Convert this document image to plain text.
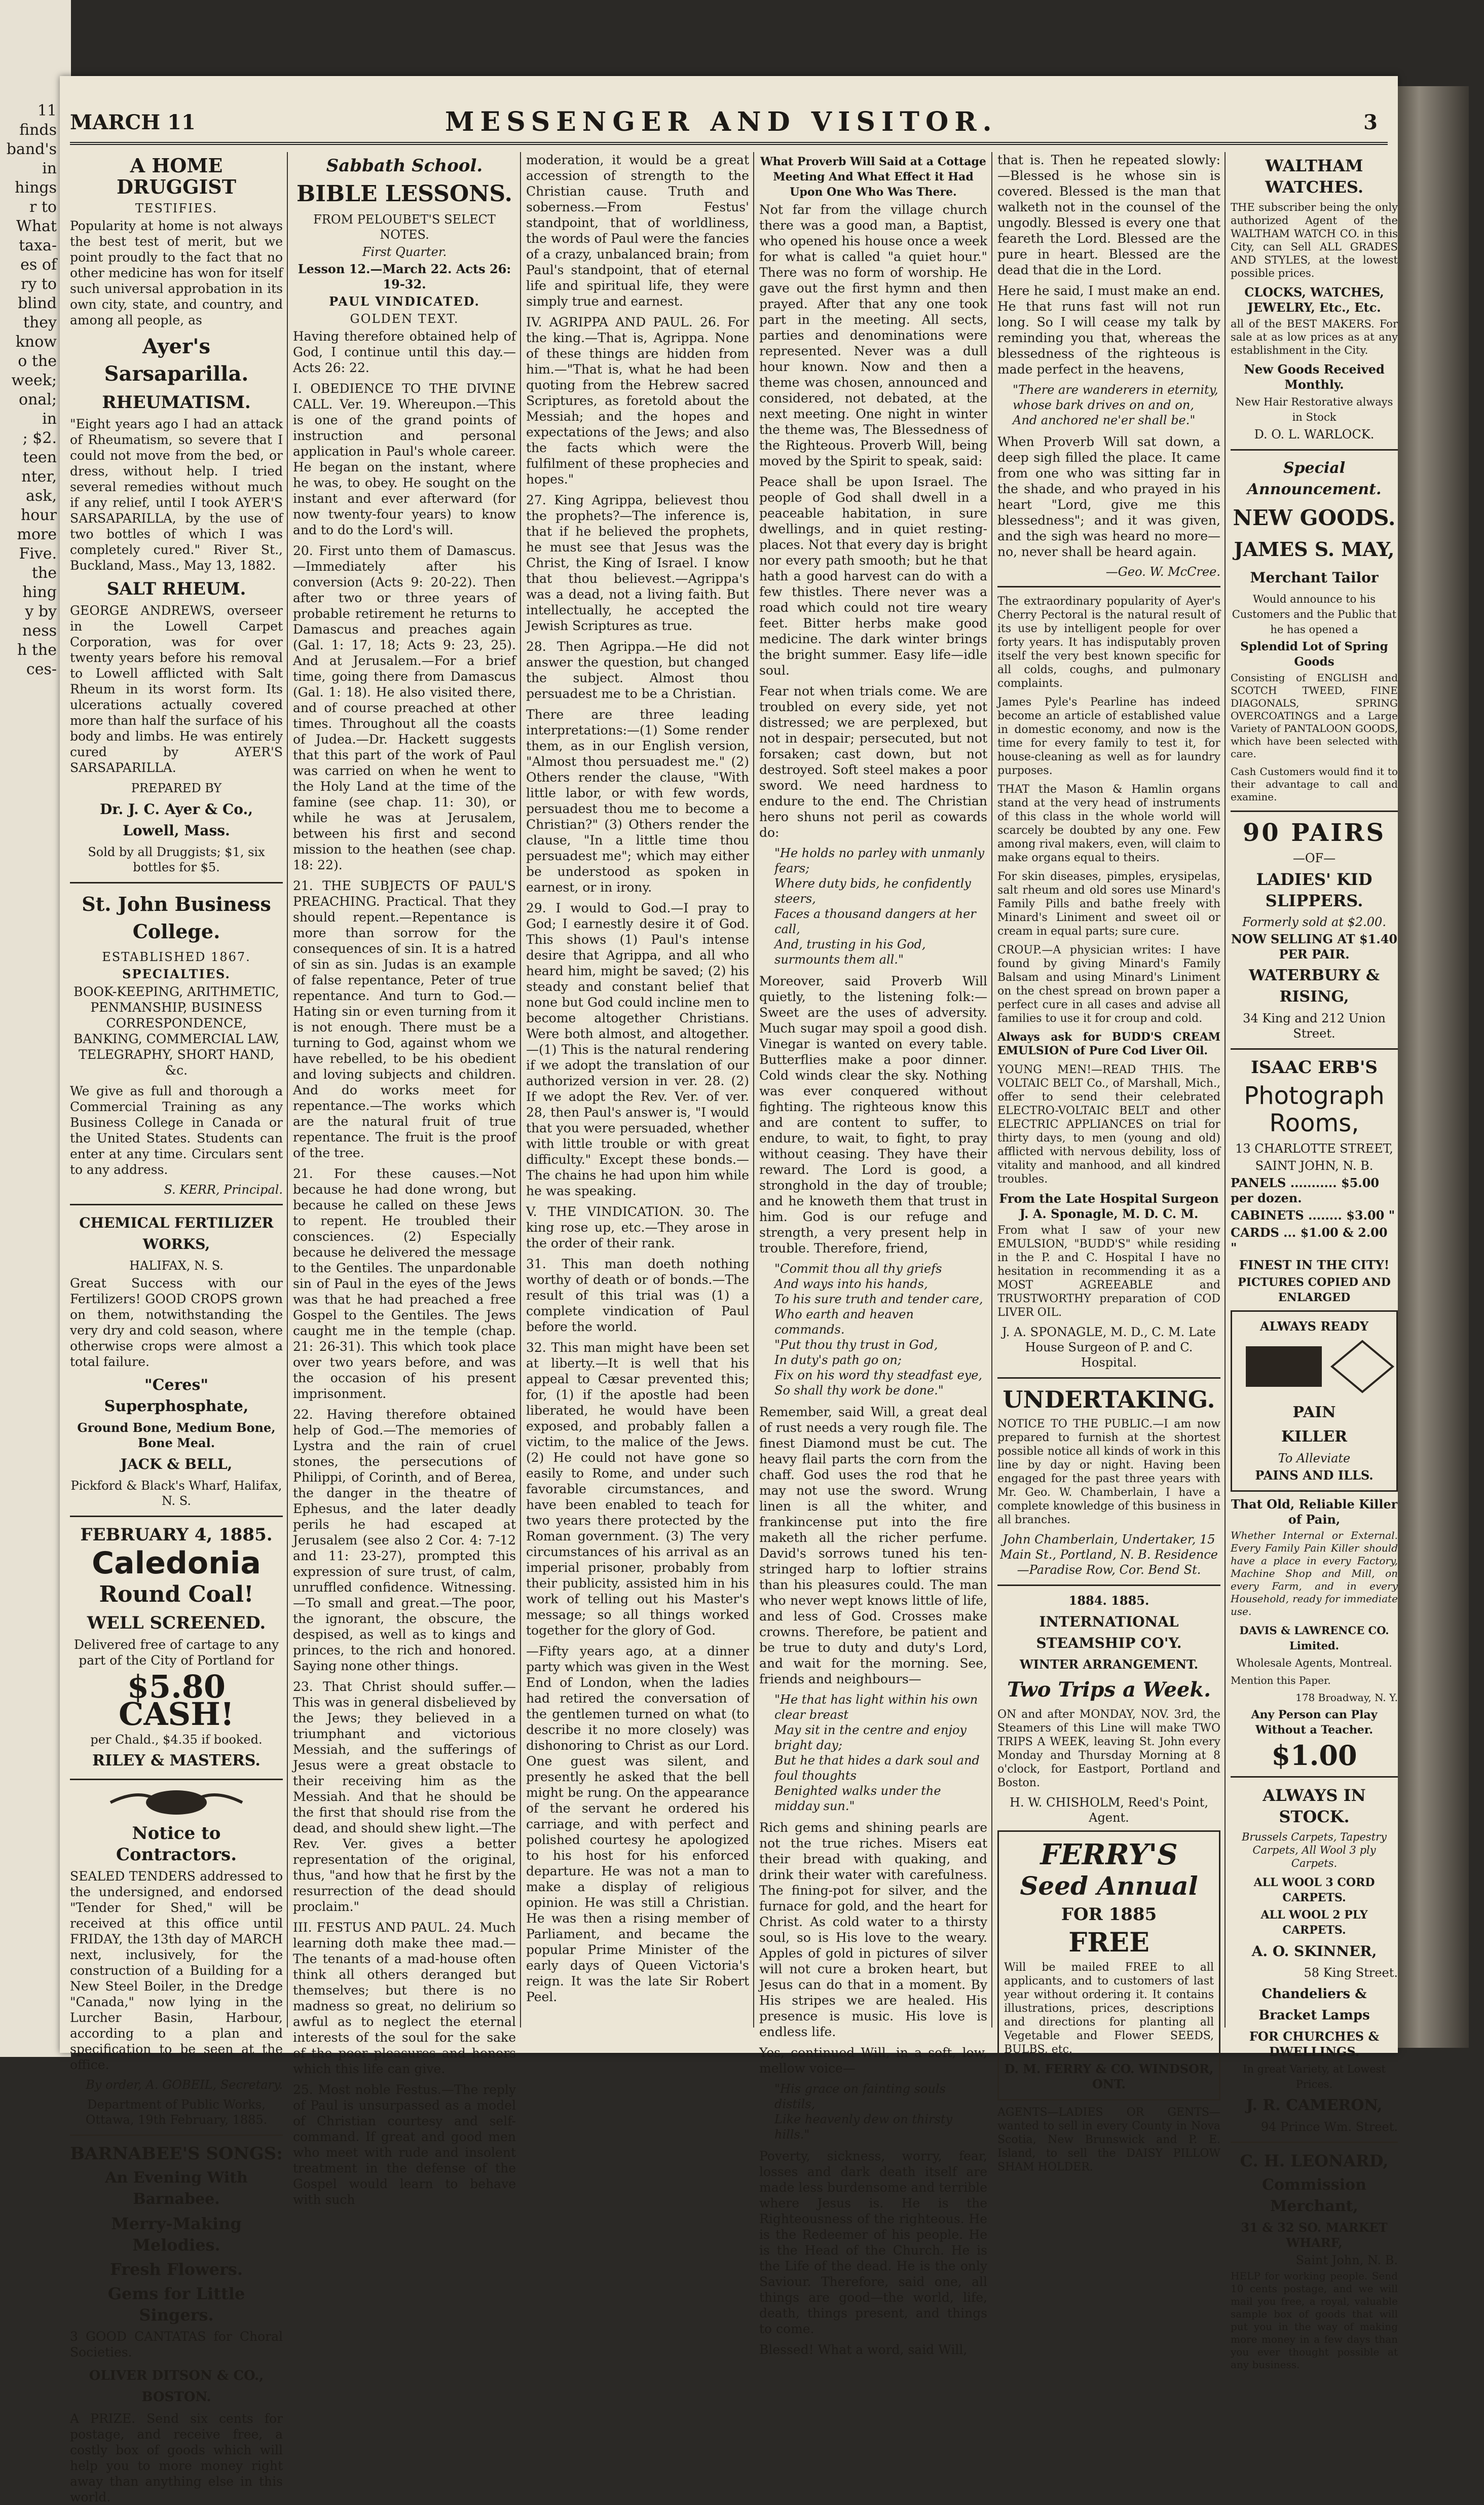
11
finds
band's
in
hings
r to
What
taxa-
es of
ry to
blind
they
know
o the
week;
onal;
in
; $2.
teen
nter,
ask,
hour
more
Five.
the
hing
y by
ness
h the
ces-
MARCH 11	MESSENGER AND VISITOR.	3
A HOME DRUGGIST
TESTIFIES.

Popularity at home is not always the best test of merit, but we point proudly to the fact that no other medicine has won for itself such universal approbation in its own city, state, and country, and among all people, as

Ayer's Sarsaparilla.
RHEUMATISM.

"Eight years ago I had an attack of Rheumatism, so severe that I could not move from the bed, or dress, without help. I tried several remedies without much if any relief, until I took AYER'S SARSAPARILLA, by the use of two bottles of which I was completely cured." River St., Buckland, Mass., May 13, 1882.

SALT RHEUM.

GEORGE ANDREWS, overseer in the Lowell Carpet Corporation, was for over twenty years before his removal to Lowell afflicted with Salt Rheum in its worst form. Its ulcerations actually covered more than half the surface of his body and limbs. He was entirely cured by AYER'S SARSAPARILLA.

PREPARED BY
Dr. J. C. Ayer & Co., Lowell, Mass.
Sold by all Druggists; $1, six bottles for $5.
St. John Business College.
ESTABLISHED 1867.
SPECIALTIES.

BOOK-KEEPING, ARITHMETIC, PENMANSHIP, BUSINESS CORRESPONDENCE, BANKING, COMMERCIAL LAW, TELEGRAPHY, SHORT HAND, &c.

We give as full and thorough a Commercial Training as any Business College in Canada or the United States. Students can enter at any time. Circulars sent to any address.

S. KERR, Principal.
CHEMICAL FERTILIZER WORKS,
HALIFAX, N. S.

Great Success with our Fertilizers! GOOD CROPS grown on them, notwithstanding the very dry and cold season, where otherwise crops were almost a total failure.

"Ceres" Superphosphate,
Ground Bone, Medium Bone, Bone Meal.
JACK & BELL,
Pickford & Black's Wharf, Halifax, N. S.
FEBRUARY 4, 1885.
Caledonia
Round Coal!
WELL SCREENED.

Delivered free of cartage to any part of the City of Portland for

$5.80 CASH!
per Chald., $4.35 if booked.
RILEY & MASTERS.
Notice to Contractors.

SEALED TENDERS addressed to the undersigned, and endorsed "Tender for Shed," will be received at this office until FRIDAY, the 13th day of MARCH next, inclusively, for the construction of a Building for a New Steel Boiler, in the Dredge "Canada," now lying in the Lurcher Basin, Harbour, according to a plan and specification to be seen at the office.

By order, A. GOBEIL, Secretary.
Department of Public Works, Ottawa, 19th February, 1885.
BARNABEE'S SONGS:
An Evening With Barnabee.
Merry-Making Melodies.
Fresh Flowers.
Gems for Little Singers.

3 GOOD CANTATAS for Choral Societies.

OLIVER DITSON & CO., BOSTON.

A PRIZE. Send six cents for postage, and receive free, a costly box of goods which will help you to more money right away than anything else in this world.

Sabbath School.
BIBLE LESSONS.
FROM PELOUBET'S SELECT NOTES.
First Quarter.
Lesson 12.—March 22. Acts 26: 19-32.
PAUL VINDICATED.
GOLDEN TEXT.

Having therefore obtained help of God, I continue until this day.—Acts 26: 22.

I. OBEDIENCE TO THE DIVINE CALL. Ver. 19. Whereupon.—This is one of the grand points of instruction and personal application in Paul's whole career. He began on the instant, where he was, to obey. He sought on the instant and ever afterward (for now twenty-four years) to know and to do the Lord's will.

20. First unto them of Damascus.—Immediately after his conversion (Acts 9: 20-22). Then after two or three years of probable retirement he returns to Damascus and preaches again (Gal. 1: 17, 18; Acts 9: 23, 25). And at Jerusalem.—For a brief time, going there from Damascus (Gal. 1: 18). He also visited there, and of course preached at other times. Throughout all the coasts of Judea.—Dr. Hackett suggests that this part of the work of Paul was carried on when he went to the Holy Land at the time of the famine (see chap. 11: 30), or while he was at Jerusalem, between his first and second mission to the heathen (see chap. 18: 22).

21. THE SUBJECTS OF PAUL'S PREACHING. Practical. That they should repent.—Repentance is more than sorrow for the consequences of sin. It is a hatred of sin as sin. Judas is an example of false repentance, Peter of true repentance. And turn to God.—Hating sin or even turning from it is not enough. There must be a turning to God, against whom we have rebelled, to be his obedient and loving subjects and children. And do works meet for repentance.—The works which are the natural fruit of true repentance. The fruit is the proof of the tree.

21. For these causes.—Not because he had done wrong, but because he called on these Jews to repent. He troubled their consciences. (2) Especially because he delivered the message to the Gentiles. The unpardonable sin of Paul in the eyes of the Jews was that he had preached a free Gospel to the Gentiles. The Jews caught me in the temple (chap. 21: 26-31). This which took place over two years before, and was the occasion of his present imprisonment.

22. Having therefore obtained help of God.—The memories of Lystra and the rain of cruel stones, the persecutions of Philippi, of Corinth, and of Berea, the danger in the theatre of Ephesus, and the later deadly perils he had escaped at Jerusalem (see also 2 Cor. 4: 7-12 and 11: 23-27), prompted this expression of sure trust, of calm, unruffled confidence. Witnessing.—To small and great.—The poor, the ignorant, the obscure, the despised, as well as to kings and princes, to the rich and honored. Saying none other things.

23. That Christ should suffer.—This was in general disbelieved by the Jews; they believed in a triumphant and victorious Messiah, and the sufferings of Jesus were a great obstacle to their receiving him as the Messiah. And that he should be the first that should rise from the dead, and should shew light.—The Rev. Ver. gives a better representation of the original, thus, "and how that he first by the resurrection of the dead should proclaim."

III. FESTUS AND PAUL. 24. Much learning doth make thee mad.—The tenants of a mad-house often think all others deranged but themselves; but there is no madness so great, no delirium so awful as to neglect the eternal interests of the soul for the sake of the poor pleasures and honors which this life can give.

25. Most noble Festus.—The reply of Paul is unsurpassed as a model of Christian courtesy and self-command. If great and good men who meet with rude and insolent treatment in the defense of the Gospel would learn to behave with such

moderation, it would be a great accession of strength to the Christian cause. Truth and soberness.—From Festus' standpoint, that of worldliness, the words of Paul were the fancies of a crazy, unbalanced brain; from Paul's standpoint, that of eternal life and spiritual life, they were simply true and earnest.

IV. AGRIPPA AND PAUL. 26. For the king.—That is, Agrippa. None of these things are hidden from him.—"That is, what he had been quoting from the Hebrew sacred Scriptures, as foretold about the Messiah; and the hopes and expectations of the Jews; and also the facts which were the fulfilment of these prophecies and hopes."

27. King Agrippa, believest thou the prophets?—The inference is, that if he believed the prophets, he must see that Jesus was the Christ, the King of Israel. I know that thou believest.—Agrippa's was a dead, not a living faith. But intellectually, he accepted the Jewish Scriptures as true.

28. Then Agrippa.—He did not answer the question, but changed the subject. Almost thou persuadest me to be a Christian.

There are three leading interpretations:—(1) Some render them, as in our English version, "Almost thou persuadest me." (2) Others render the clause, "With little labor, or with few words, persuadest thou me to become a Christian?" (3) Others render the clause, "In a little time thou persuadest me"; which may either be understood as spoken in earnest, or in irony.

29. I would to God.—I pray to God; I earnestly desire it of God. This shows (1) Paul's intense desire that Agrippa, and all who heard him, might be saved; (2) his steady and constant belief that none but God could incline men to become altogether Christians. Were both almost, and altogether.—(1) This is the natural rendering if we adopt the translation of our authorized version in ver. 28. (2) If we adopt the Rev. Ver. of ver. 28, then Paul's answer is, "I would that you were persuaded, whether with little trouble or with great difficulty." Except these bonds.—The chains he had upon him while he was speaking.

V. THE VINDICATION. 30. The king rose up, etc.—They arose in the order of their rank.

31. This man doeth nothing worthy of death or of bonds.—The result of this trial was (1) a complete vindication of Paul before the world.

32. This man might have been set at liberty.—It is well that his appeal to Cæsar prevented this; for, (1) if the apostle had been liberated, he would have been exposed, and probably fallen a victim, to the malice of the Jews. (2) He could not have gone so easily to Rome, and under such favorable circumstances, and have been enabled to teach for two years there protected by the Roman government. (3) The very circumstances of his arrival as an imperial prisoner, probably from their publicity, assisted him in his work of telling out his Master's message; so all things worked together for the glory of God.

—Fifty years ago, at a dinner party which was given in the West End of London, when the ladies had retired the conversation of the gentlemen turned on what (to describe it no more closely) was dishonoring to Christ as our Lord. One guest was silent, and presently he asked that the bell might be rung. On the appearance of the servant he ordered his carriage, and with perfect and polished courtesy he apologized to his host for his enforced departure. He was not a man to make a display of religious opinion. He was still a Christian. He was then a rising member of Parliament, and became the popular Prime Minister of the early days of Queen Victoria's reign. It was the late Sir Robert Peel.

What Proverb Will Said at a Cottage Meeting And What Effect it Had Upon One Who Was There.

Not far from the village church there was a good man, a Baptist, who opened his house once a week for what is called "a quiet hour." There was no form of worship. He gave out the first hymn and then prayed. After that any one took part in the meeting. All sects, parties and denominations were represented. Never was a dull hour known. Now and then a theme was chosen, announced and considered, not debated, at the next meeting. One night in winter the theme was, The Blessedness of the Righteous. Proverb Will, being moved by the Spirit to speak, said:

Peace shall be upon Israel. The people of God shall dwell in a peaceable habitation, in sure dwellings, and in quiet resting-places. Not that every day is bright nor every path smooth; but he that hath a good harvest can do with a few thistles. There never was a road which could not tire weary feet. Bitter herbs make good medicine. The dark winter brings the bright summer. Easy life—idle soul.

Fear not when trials come. We are troubled on every side, yet not distressed; we are perplexed, but not in despair; persecuted, but not forsaken; cast down, but not destroyed. Soft steel makes a poor sword. We need hardness to endure to the end. The Christian hero shuns not peril as cowards do:

"He holds no parley with unmanly fears;
Where duty bids, he confidently steers,
Faces a thousand dangers at her call,
And, trusting in his God, surmounts them all."

Moreover, said Proverb Will quietly, to the listening folk:—Sweet are the uses of adversity. Much sugar may spoil a good dish. Vinegar is wanted on every table. Butterflies make a poor dinner. Cold winds clear the sky. Nothing was ever conquered without fighting. The righteous know this and are content to suffer, to endure, to wait, to fight, to pray without ceasing. They have their reward. The Lord is good, a stronghold in the day of trouble; and he knoweth them that trust in him. God is our refuge and strength, a very present help in trouble. Therefore, friend,

"Commit thou all thy griefs
And ways into his hands,
To his sure truth and tender care,
Who earth and heaven commands.
"Put thou thy trust in God,
In duty's path go on;
Fix on his word thy steadfast eye,
So shall thy work be done."

Remember, said Will, a great deal of rust needs a very rough file. The finest Diamond must be cut. The heavy flail parts the corn from the chaff. God uses the rod that he may not use the sword. Wrung linen is all the whiter, and frankincense put into the fire maketh all the richer perfume. David's sorrows tuned his ten-stringed harp to loftier strains than his pleasures could. The man who never wept knows little of life, and less of God. Crosses make crowns. Therefore, be patient and be true to duty and duty's Lord, and wait for the morning. See, friends and neighbours—

"He that has light within his own clear breast
May sit in the centre and enjoy bright day;
But he that hides a dark soul and foul thoughts
Benighted walks under the midday sun."

Rich gems and shining pearls are not the true riches. Misers eat their bread with quaking, and drink their water with carefulness. The fining-pot for silver, and the furnace for gold, and the heart for Christ. As cold water to a thirsty soul, so is His love to the weary. Apples of gold in pictures of silver will not cure a broken heart, but Jesus can do that in a moment. By His stripes we are healed. His presence is music. His love is endless life.

Yes, continued Will, in a soft, low, mellow voice—

"His grace on fainting souls distils,
Like heavenly dew on thirsty hills."

Poverty, sickness, worry, fear, losses and dark death itself are made less burdensome and terrible where Jesus is. He is the Righteousness of the righteous. He is the Redeemer of his people. He is the Head of the Church. He is the Life of the dead. He is the only Saviour. Therefore, said one, all things are good—the world, life, death, things present, and things to come.

Blessed! What a word, said Will,

that is. Then he repeated slowly:—Blessed is he whose sin is covered. Blessed is the man that walketh not in the counsel of the ungodly. Blessed is every one that feareth the Lord. Blessed are the pure in heart. Blessed are the dead that die in the Lord.

Here he said, I must make an end. He that runs fast will not run long. So I will cease my talk by reminding you that, whereas the blessedness of the righteous is made perfect in the heavens,

"There are wanderers in eternity, whose bark drives on and on,
And anchored ne'er shall be."

When Proverb Will sat down, a deep sigh filled the place. It came from one who was sitting far in the shade, and who prayed in his heart "Lord, give me this blessedness"; and it was given, and the sigh was heard no more—no, never shall be heard again.

—Geo. W. McCree.

The extraordinary popularity of Ayer's Cherry Pectoral is the natural result of its use by intelligent people for over forty years. It has indisputably proven itself the very best known specific for all colds, coughs, and pulmonary complaints.

James Pyle's Pearline has indeed become an article of established value in domestic economy, and now is the time for every family to test it, for house-cleaning as well as for laundry purposes.

THAT the Mason & Hamlin organs stand at the very head of instruments of this class in the whole world will scarcely be doubted by any one. Few among rival makers, even, will claim to make organs equal to theirs.

For skin diseases, pimples, erysipelas, salt rheum and old sores use Minard's Family Pills and bathe freely with Minard's Liniment and sweet oil or cream in equal parts; sure cure.

CROUP.—A physician writes: I have found by giving Minard's Family Balsam and using Minard's Liniment on the chest spread on brown paper a perfect cure in all cases and advise all families to use it for croup and cold.

Always ask for BUDD'S CREAM EMULSION of Pure Cod Liver Oil.

YOUNG MEN!—READ THIS. The VOLTAIC BELT Co., of Marshall, Mich., offer to send their celebrated ELECTRO-VOLTAIC BELT and other ELECTRIC APPLIANCES on trial for thirty days, to men (young and old) afflicted with nervous debility, loss of vitality and manhood, and all kindred troubles.

From the Late Hospital Surgeon J. A. Sponagle, M. D. C. M.

From what I saw of your new EMULSION, "BUDD'S" while residing in the P. and C. Hospital I have no hesitation in recommending it as a MOST AGREEABLE and TRUSTWORTHY preparation of COD LIVER OIL.

J. A. SPONAGLE, M. D., C. M. Late House Surgeon of P. and C. Hospital.
UNDERTAKING.

NOTICE TO THE PUBLIC.—I am now prepared to furnish at the shortest possible notice all kinds of work in this line by day or night. Having been engaged for the past three years with Mr. Geo. W. Chamberlain, I have a complete knowledge of this business in all branches.

John Chamberlain, Undertaker, 15 Main St., Portland, N. B. Residence—Paradise Row, Cor. Bend St.
1884. 1885.
INTERNATIONAL STEAMSHIP CO'Y.
WINTER ARRANGEMENT.
Two Trips a Week.

ON and after MONDAY, NOV. 3rd, the Steamers of this Line will make TWO TRIPS A WEEK, leaving St. John every Monday and Thursday Morning at 8 o'clock, for Eastport, Portland and Boston.

H. W. CHISHOLM, Reed's Point, Agent.
FERRY'S
Seed Annual
FOR 1885
FREE

Will be mailed FREE to all applicants, and to customers of last year without ordering it. It contains illustrations, prices, descriptions and directions for planting all Vegetable and Flower SEEDS, BULBS, etc.

D. M. FERRY & CO. WINDSOR, ONT.

AGENTS—LADIES OR GENTS—wanted to sell in every County in Nova Scotia, New Brunswick and P. E. Island, to sell the DAISY PILLOW SHAM HOLDER.

WALTHAM WATCHES.

THE subscriber being the only authorized Agent of the WALTHAM WATCH CO. in this City, can Sell ALL GRADES AND STYLES, at the lowest possible prices.

CLOCKS, WATCHES, JEWELRY, Etc., Etc.

all of the BEST MAKERS. For sale at as low prices as at any establishment in the City.

New Goods Received Monthly.
New Hair Restorative always in Stock
D. O. L. WARLOCK.
Special Announcement.
NEW GOODS.
JAMES S. MAY,
Merchant Tailor
Would announce to his Customers and the Public that he has opened a
Splendid Lot of Spring Goods

Consisting of ENGLISH and SCOTCH TWEED, FINE DIAGONALS, SPRING OVERCOATINGS and a Large Variety of PANTALOON GOODS, which have been selected with care.

Cash Customers would find it to their advantage to call and examine.

90 PAIRS
—OF—
LADIES' KID SLIPPERS.
Formerly sold at $2.00.
NOW SELLING AT $1.40 PER PAIR.
WATERBURY & RISING,
34 King and 212 Union Street.
ISAAC ERB'S
Photograph Rooms,
13 CHARLOTTE STREET,
SAINT JOHN, N. B.
PANELS ........... $5.00 per dozen.
CABINETS ........ $3.00 "
CARDS ... $1.00 & 2.00 "
FINEST IN THE CITY!
PICTURES COPIED AND ENLARGED
ALWAYS READY
PAIN
KILLER
To Alleviate
PAINS AND ILLS.
That Old, Reliable Killer of Pain,

Whether Internal or External. Every Family Pain Killer should have a place in every Factory, Machine Shop and Mill, on every Farm, and in every Household, ready for immediate use.

DAVIS & LAWRENCE CO. Limited.
Wholesale Agents, Montreal.
Mention this Paper.
178 Broadway, N. Y.
Any Person can Play Without a Teacher.
$1.00
ALWAYS IN STOCK.

Brussels Carpets, Tapestry Carpets, All Wool 3 ply Carpets.

ALL WOOL 3 CORD CARPETS.
ALL WOOL 2 PLY CARPETS.
A. O. SKINNER,
58 King Street.
Chandeliers & Bracket Lamps
FOR CHURCHES & DWELLINGS.
In great Variety, at Lowest Prices.
J. R. CAMERON,
94 Prince Wm. Street.
C. H. LEONARD,
Commission Merchant,
31 & 32 SO. MARKET WHARF,
Saint John, N. B.

HELP for working people. Send 10 cents postage, and we will mail you free, a royal, valuable sample box of goods that will put you in the way of making more money in a few days than you ever thought possible at any business.
